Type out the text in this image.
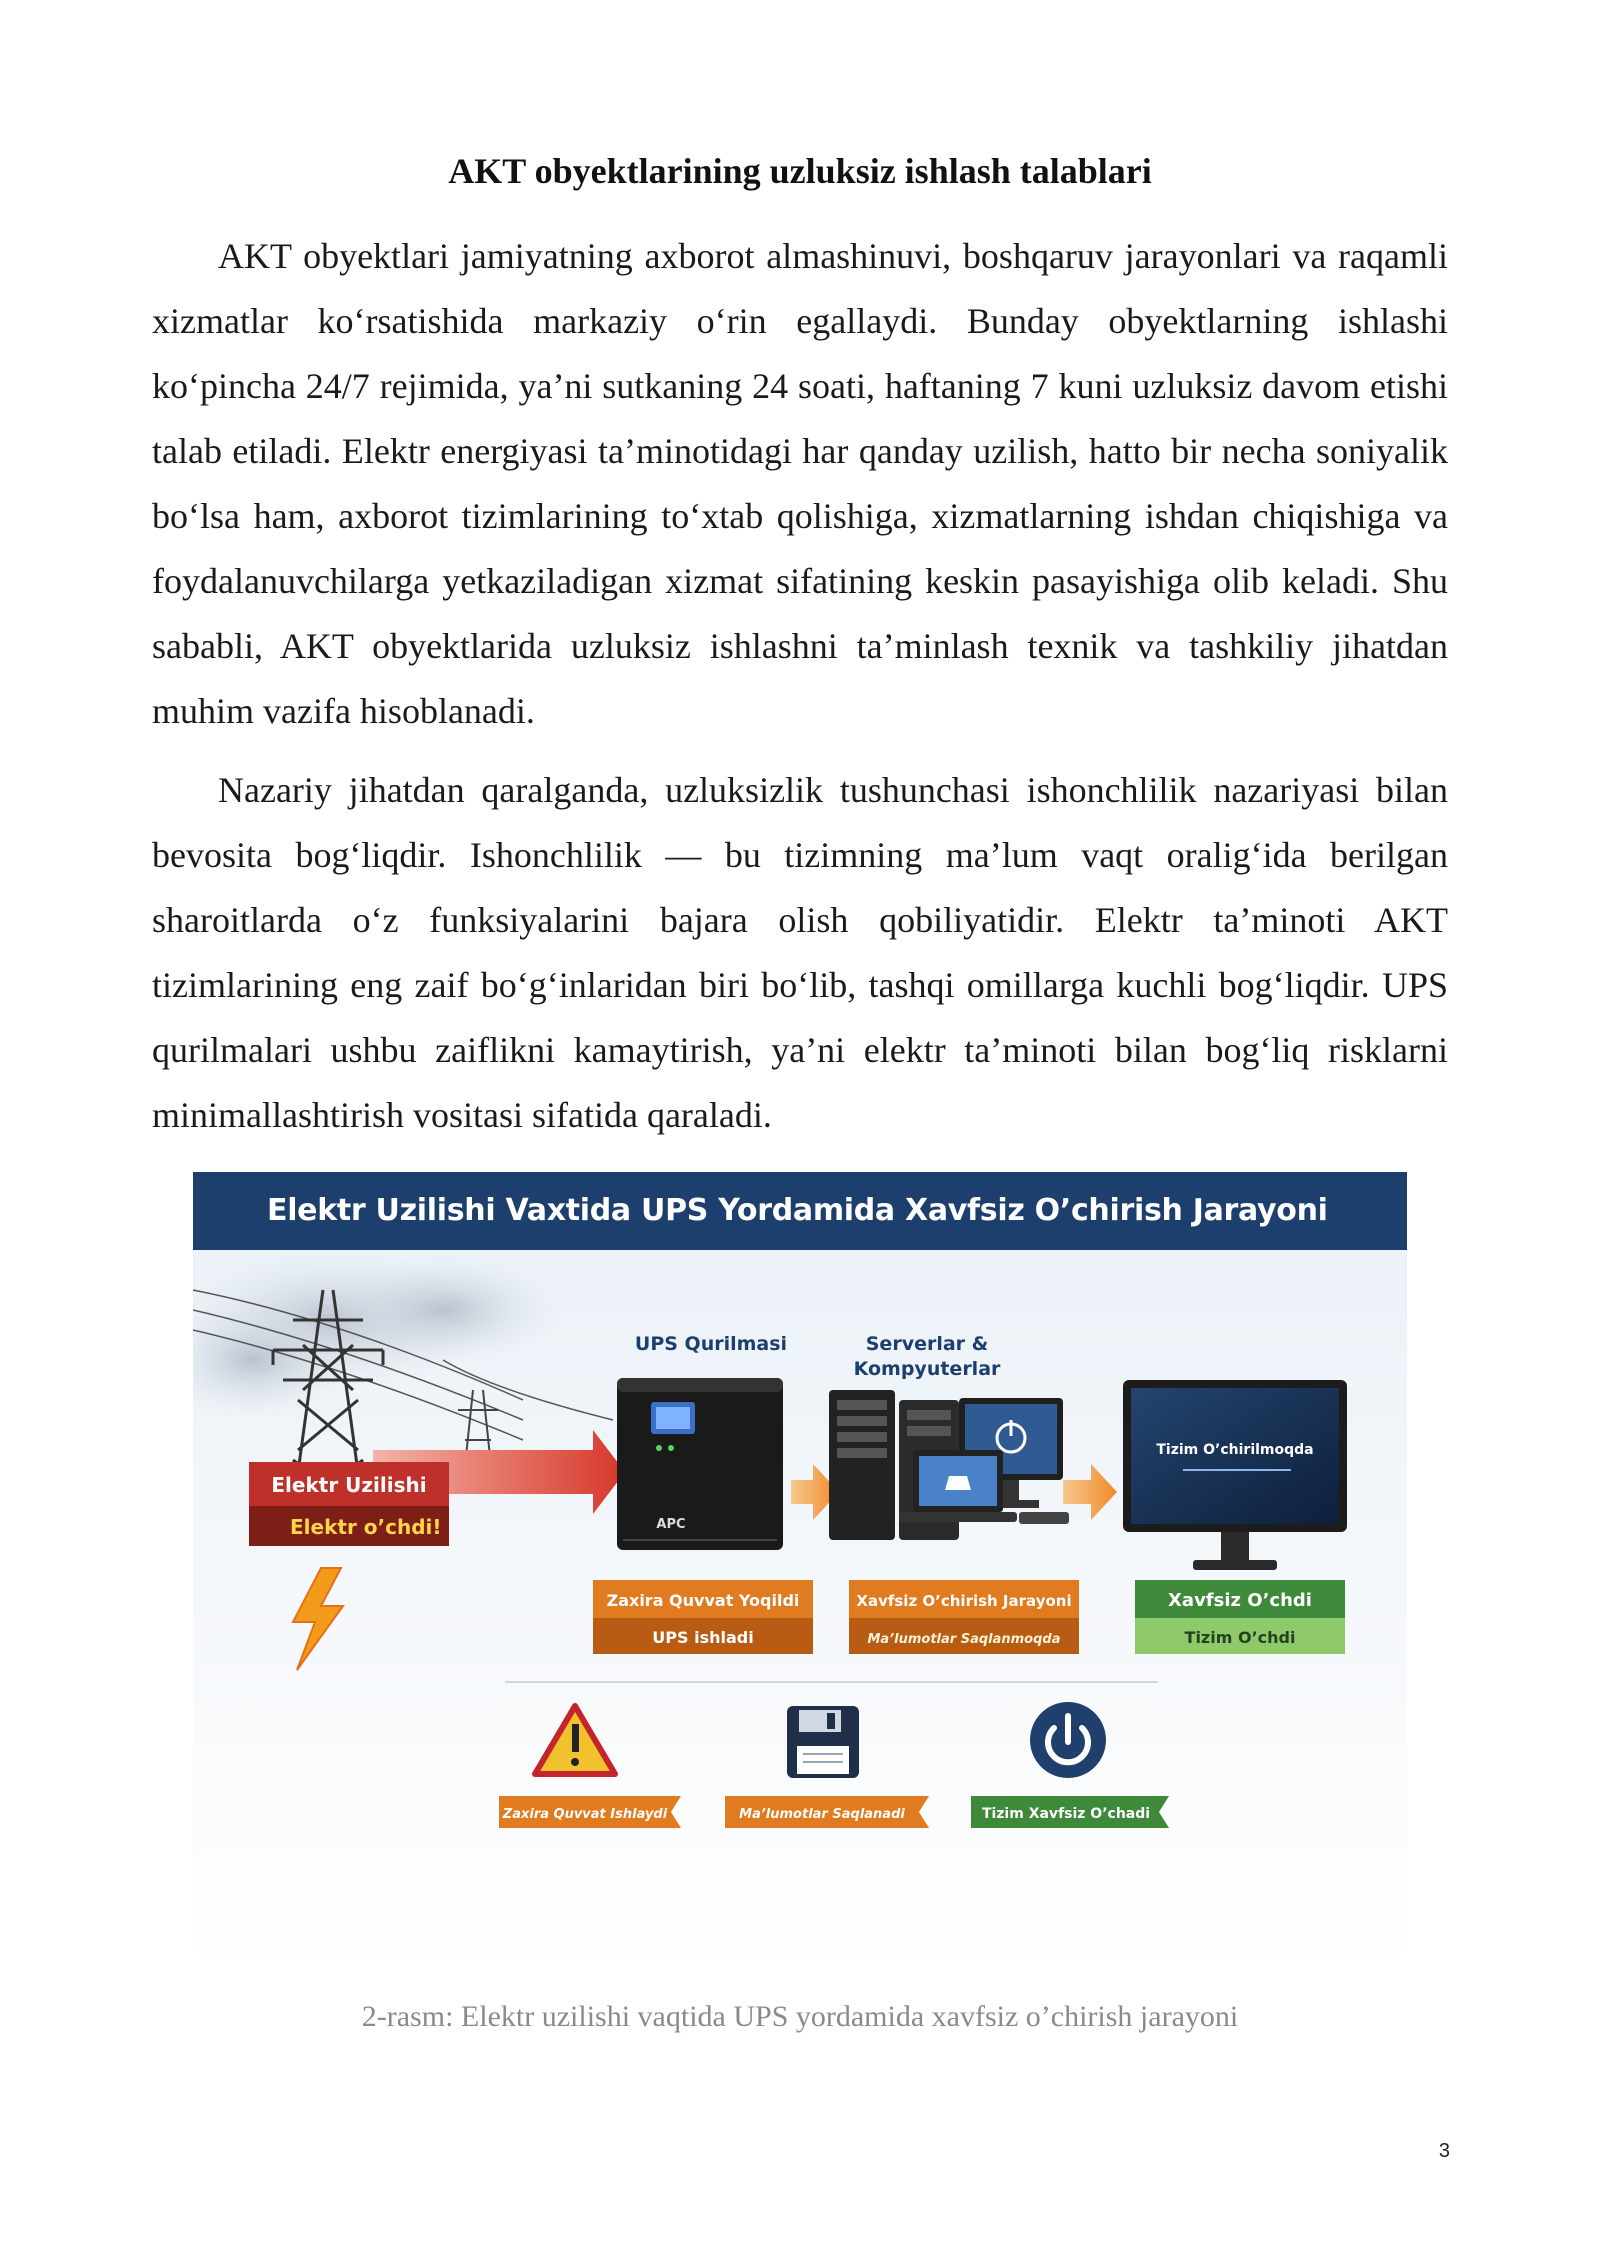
AKT obyektlarining uzluksiz ishlash talablari

AKT obyektlari jamiyatning axborot almashinuvi, boshqaruv jarayonlari va raqamli xizmatlar ko‘rsatishida markaziy o‘rin egallaydi. Bunday obyektlarning ishlashi ko‘pincha 24/7 rejimida, ya’ni sutkaning 24 soati, haftaning 7 kuni uzluksiz davom etishi talab etiladi. Elektr energiyasi ta’minotidagi har qanday uzilish, hatto bir necha soniyalik bo‘lsa ham, axborot tizimlarining to‘xtab qolishiga, xizmatlarning ishdan chiqishiga va foydalanuvchilarga yetkaziladigan xizmat sifatining keskin pasayishiga olib keladi. Shu sababli, AKT obyektlarida uzluksiz ishlashni ta’minlash texnik va tashkiliy jihatdan muhim vazifa hisoblanadi.

Nazariy jihatdan qaralganda, uzluksizlik tushunchasi ishonchlilik nazariyasi bilan bevosita bog‘liqdir. Ishonchlilik — bu tizimning ma’lum vaqt oralig‘ida berilgan sharoitlarda o‘z funksiyalarini bajara olish qobiliyatidir. Elektr ta’minoti AKT tizimlarining eng zaif bo‘g‘inlaridan biri bo‘lib, tashqi omillarga kuchli bog‘liqdir. UPS qurilmalari ushbu zaiflikni kamaytirish, ya’ni elektr ta’minoti bilan bog‘liq risklarni minimallashtirish vositasi sifatida qaraladi.

Elektr Uzilishi Vaxtida UPS Yordamida Xavfsiz O’chirish Jarayoni
Elektr Uzilishi
Elektr o’chdi!
UPS Qurilmasi
APC
Serverlar &
Kompyuterlar
Tizim O’chirilmoqda
Zaxira Quvvat Yoqildi
UPS ishladi
Xavfsiz O’chirish Jarayoni
Ma’lumotlar Saqlanmoqda
Xavfsiz O’chdi
Tizim O’chdi
Zaxira Quvvat Ishlaydi	Ma’lumotlar Saqlanadi	Tizim Xavfsiz O’chadi

2-rasm: Elektr uzilishi vaqtida UPS yordamida xavfsiz o’chirish jarayoni

3
